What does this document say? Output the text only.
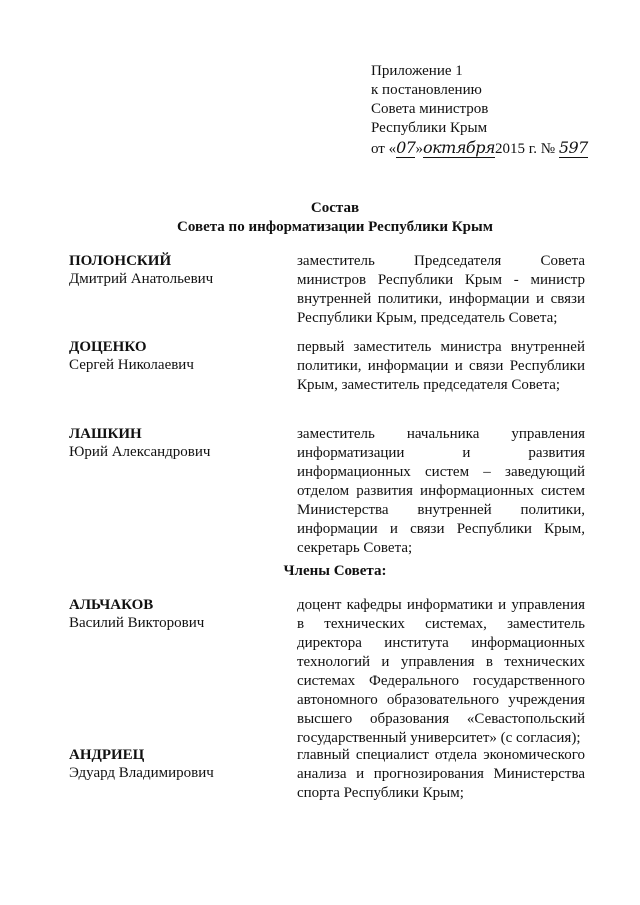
Приложение 1
к постановлению
Совета министров
Республики Крым
от «07»октября2015 г. № 597
Состав
Совета по информатизации Республики Крым
ПОЛОНСКИЙ
Дмитрий Анатольевич
заместитель Председателя Совета министров Республики Крым - министр внутренней политики, информации и связи Республики Крым, председатель Совета;
ДОЦЕНКО
Сергей Николаевич
первый заместитель министра внутренней политики, информации и связи Республики Крым, заместитель председателя Совета;
ЛАШКИН
Юрий Александрович
заместитель начальника управления информатизации и развития информационных систем – заведующий отделом развития информационных систем Министерства внутренней политики, информации и связи Республики Крым, секретарь Совета;
Члены Совета:
АЛЬЧАКОВ
Василий Викторович
доцент кафедры информатики и управления в технических системах, заместитель директора института информационных технологий и управления в технических системах Федерального государственного автономного образовательного учреждения высшего образования «Севастопольский государственный университет» (с согласия);
АНДРИЕЦ
Эдуард Владимирович
главный специалист отдела экономического анализа и прогнозирования Министерства спорта Республики Крым;
